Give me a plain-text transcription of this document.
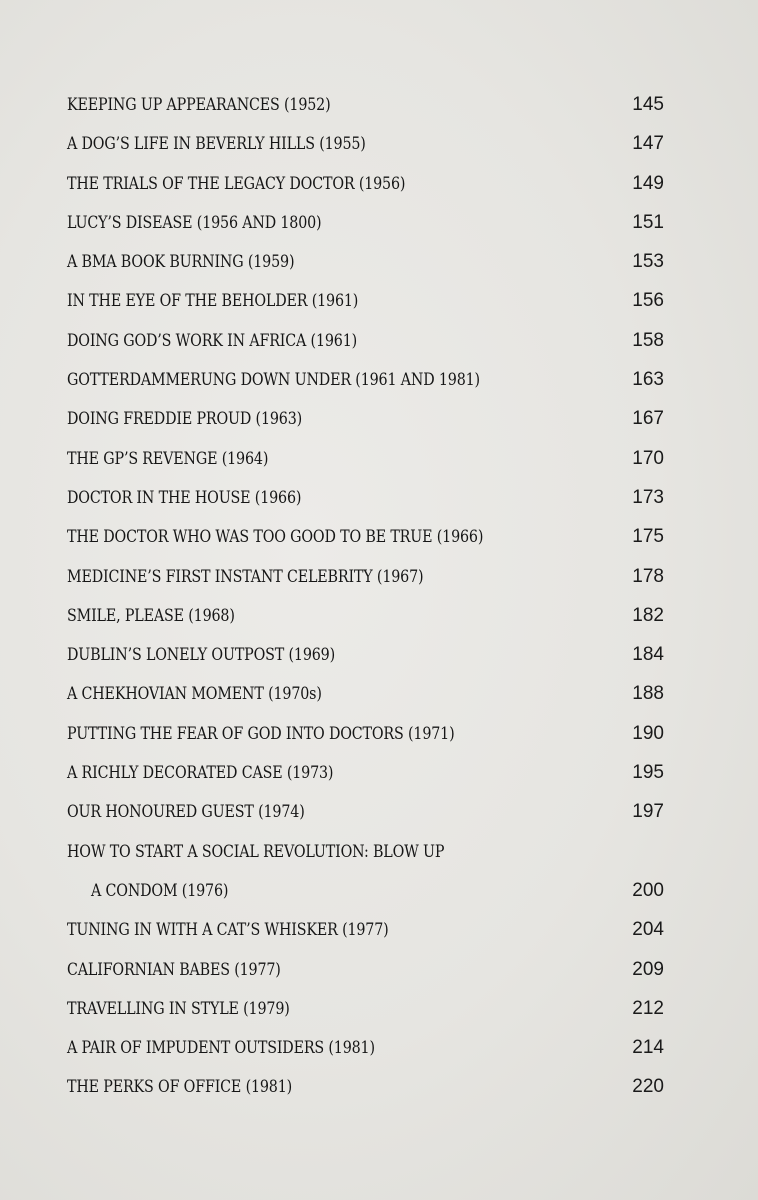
KEEPING UP APPEARANCES (1952)	145
A DOG’S LIFE IN BEVERLY HILLS (1955)	147
THE TRIALS OF THE LEGACY DOCTOR (1956)	149
LUCY’S DISEASE (1956 AND 1800)	151
A BMA BOOK BURNING (1959)	153
IN THE EYE OF THE BEHOLDER (1961)	156
DOING GOD’S WORK IN AFRICA (1961)	158
GOTTERDAMMERUNG DOWN UNDER (1961 AND 1981)	163
DOING FREDDIE PROUD (1963)	167
THE GP’S REVENGE (1964)	170
DOCTOR IN THE HOUSE (1966)	173
THE DOCTOR WHO WAS TOO GOOD TO BE TRUE (1966)	175
MEDICINE’S FIRST INSTANT CELEBRITY (1967)	178
SMILE, PLEASE (1968)	182
DUBLIN’S LONELY OUTPOST (1969)	184
A CHEKHOVIAN MOMENT (1970s)	188
PUTTING THE FEAR OF GOD INTO DOCTORS (1971)	190
A RICHLY DECORATED CASE (1973)	195
OUR HONOURED GUEST (1974)	197
HOW TO START A SOCIAL REVOLUTION: BLOW UP
A CONDOM (1976)	200
TUNING IN WITH A CAT’S WHISKER (1977)	204
CALIFORNIAN BABES (1977)	209
TRAVELLING IN STYLE (1979)	212
A PAIR OF IMPUDENT OUTSIDERS (1981)	214
THE PERKS OF OFFICE (1981)	220
